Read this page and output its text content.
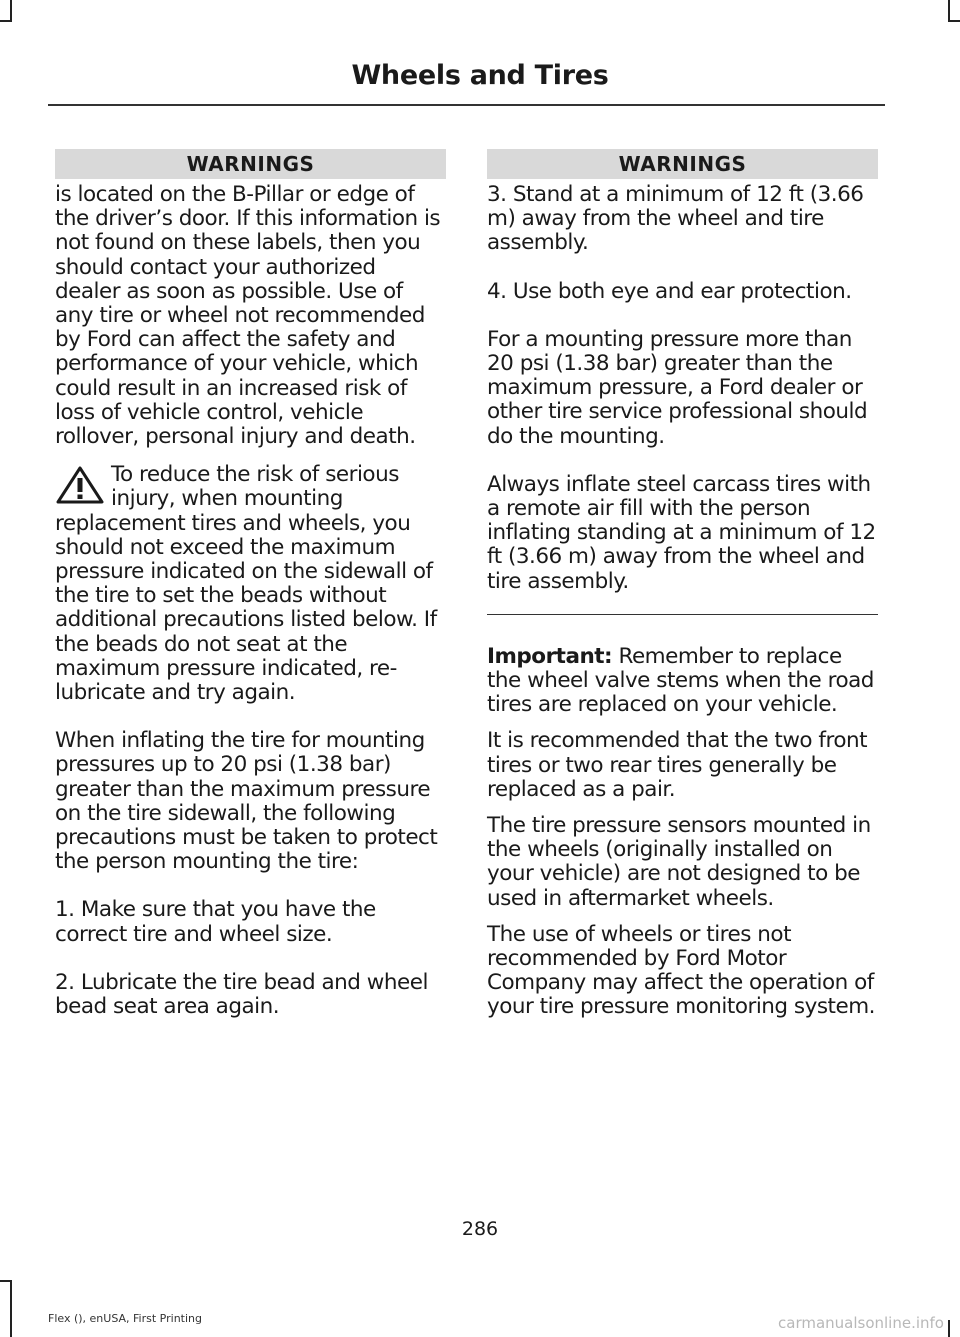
Wheels and Tires
WARNINGS

is located on the B-Pillar or edge of the driver’s door. If this information is not found on these labels, then you should contact your authorized dealer as soon as possible. Use of any tire or wheel not recommended by Ford can affect the safety and performance of your vehicle, which could result in an increased risk of loss of vehicle control, vehicle rollover, personal injury and death.

To reduce the risk of serious injury, when mounting replacement tires and wheels, you should not exceed the maximum pressure indicated on the sidewall of the tire to set the beads without additional precautions listed below. If the beads do not seat at the maximum pressure indicated, re-lubricate and try again.

When inflating the tire for mounting pressures up to 20 psi (1.38 bar) greater than the maximum pressure on the tire sidewall, the following precautions must be taken to protect the person mounting the tire:

1. Make sure that you have the correct tire and wheel size.

2. Lubricate the tire bead and wheel bead seat area again.

WARNINGS

3. Stand at a minimum of 12 ft (3.66 m) away from the wheel and tire assembly.

4. Use both eye and ear protection.

For a mounting pressure more than 20 psi (1.38 bar) greater than the maximum pressure, a Ford dealer or other tire service professional should do the mounting.

Always inflate steel carcass tires with a remote air fill with the person inflating standing at a minimum of 12 ft (3.66 m) away from the wheel and tire assembly.

Important: Remember to replace the wheel valve stems when the road tires are replaced on your vehicle.

It is recommended that the two front tires or two rear tires generally be replaced as a pair.

The tire pressure sensors mounted in the wheels (originally installed on your vehicle) are not designed to be used in aftermarket wheels.

The use of wheels or tires not recommended by Ford Motor Company may affect the operation of your tire pressure monitoring system.

286
Flex (), enUSA, First Printing	carmanualsonline.info
